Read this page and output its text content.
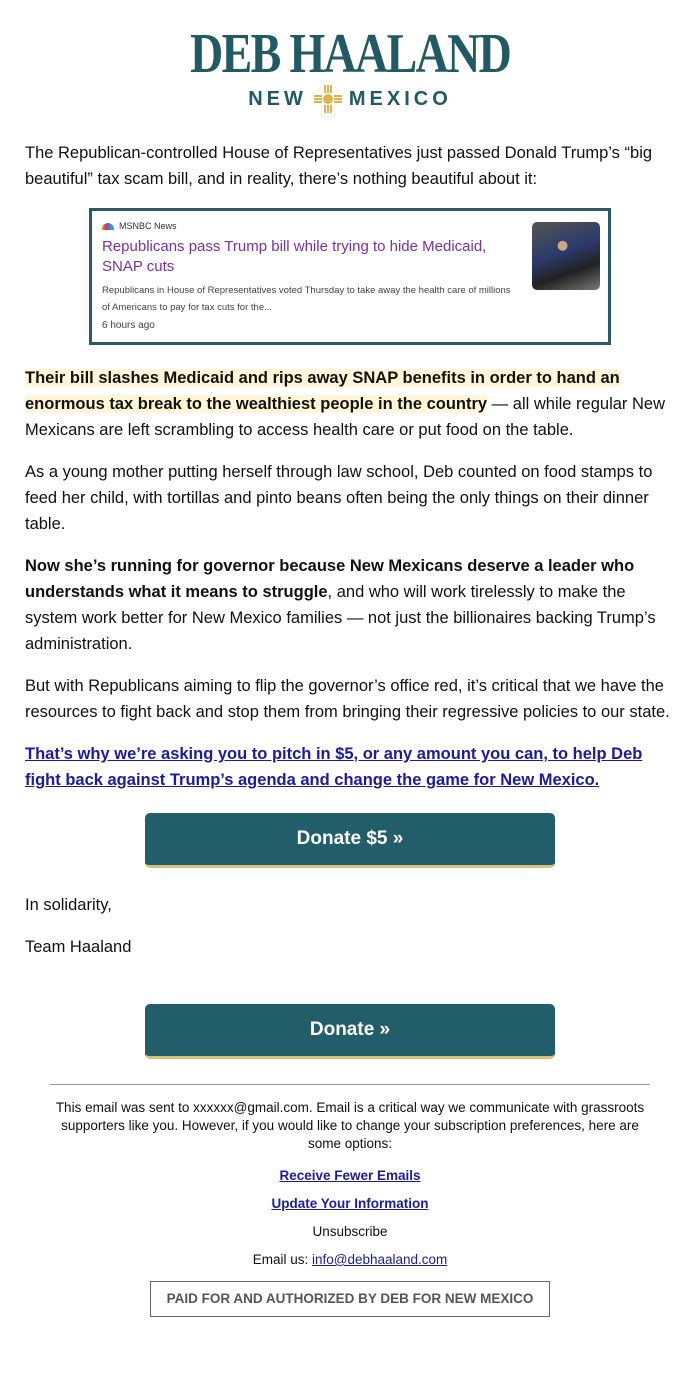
DEB HAALAND
NEW MEXICO

The Republican-controlled House of Representatives just passed Donald Trump’s “big beautiful” tax scam bill, and in reality, there’s nothing beautiful about it:

MSNBC News
Republicans pass Trump bill while trying to hide Medicaid, SNAP cuts
Republicans in House of Representatives voted Thursday to take away the health care of millions of Americans to pay for tax cuts for the...
6 hours ago

Their bill slashes Medicaid and rips away SNAP benefits in order to hand an enormous tax break to the wealthiest people in the country — all while regular New Mexicans are left scrambling to access health care or put food on the table.

As a young mother putting herself through law school, Deb counted on food stamps to feed her child, with tortillas and pinto beans often being the only things on their dinner table.

Now she’s running for governor because New Mexicans deserve a leader who understands what it means to struggle, and who will work tirelessly to make the system work better for New Mexico families — not just the billionaires backing Trump’s administration.

But with Republicans aiming to flip the governor’s office red, it’s critical that we have the resources to fight back and stop them from bringing their regressive policies to our state.

That’s why we’re asking you to pitch in $5, or any amount you can, to help Deb fight back against Trump’s agenda and change the game for New Mexico.

Donate $5 »

In solidarity,

Team Haaland

Donate »
This email was sent to xxxxxx@gmail.com. Email is a critical way we communicate with grassroots supporters like you. However, if you would like to change your subscription preferences, here are some options:
Receive Fewer Emails
Update Your Information
Unsubscribe
Email us: info@debhaaland.com
PAID FOR AND AUTHORIZED BY DEB FOR NEW MEXICO
